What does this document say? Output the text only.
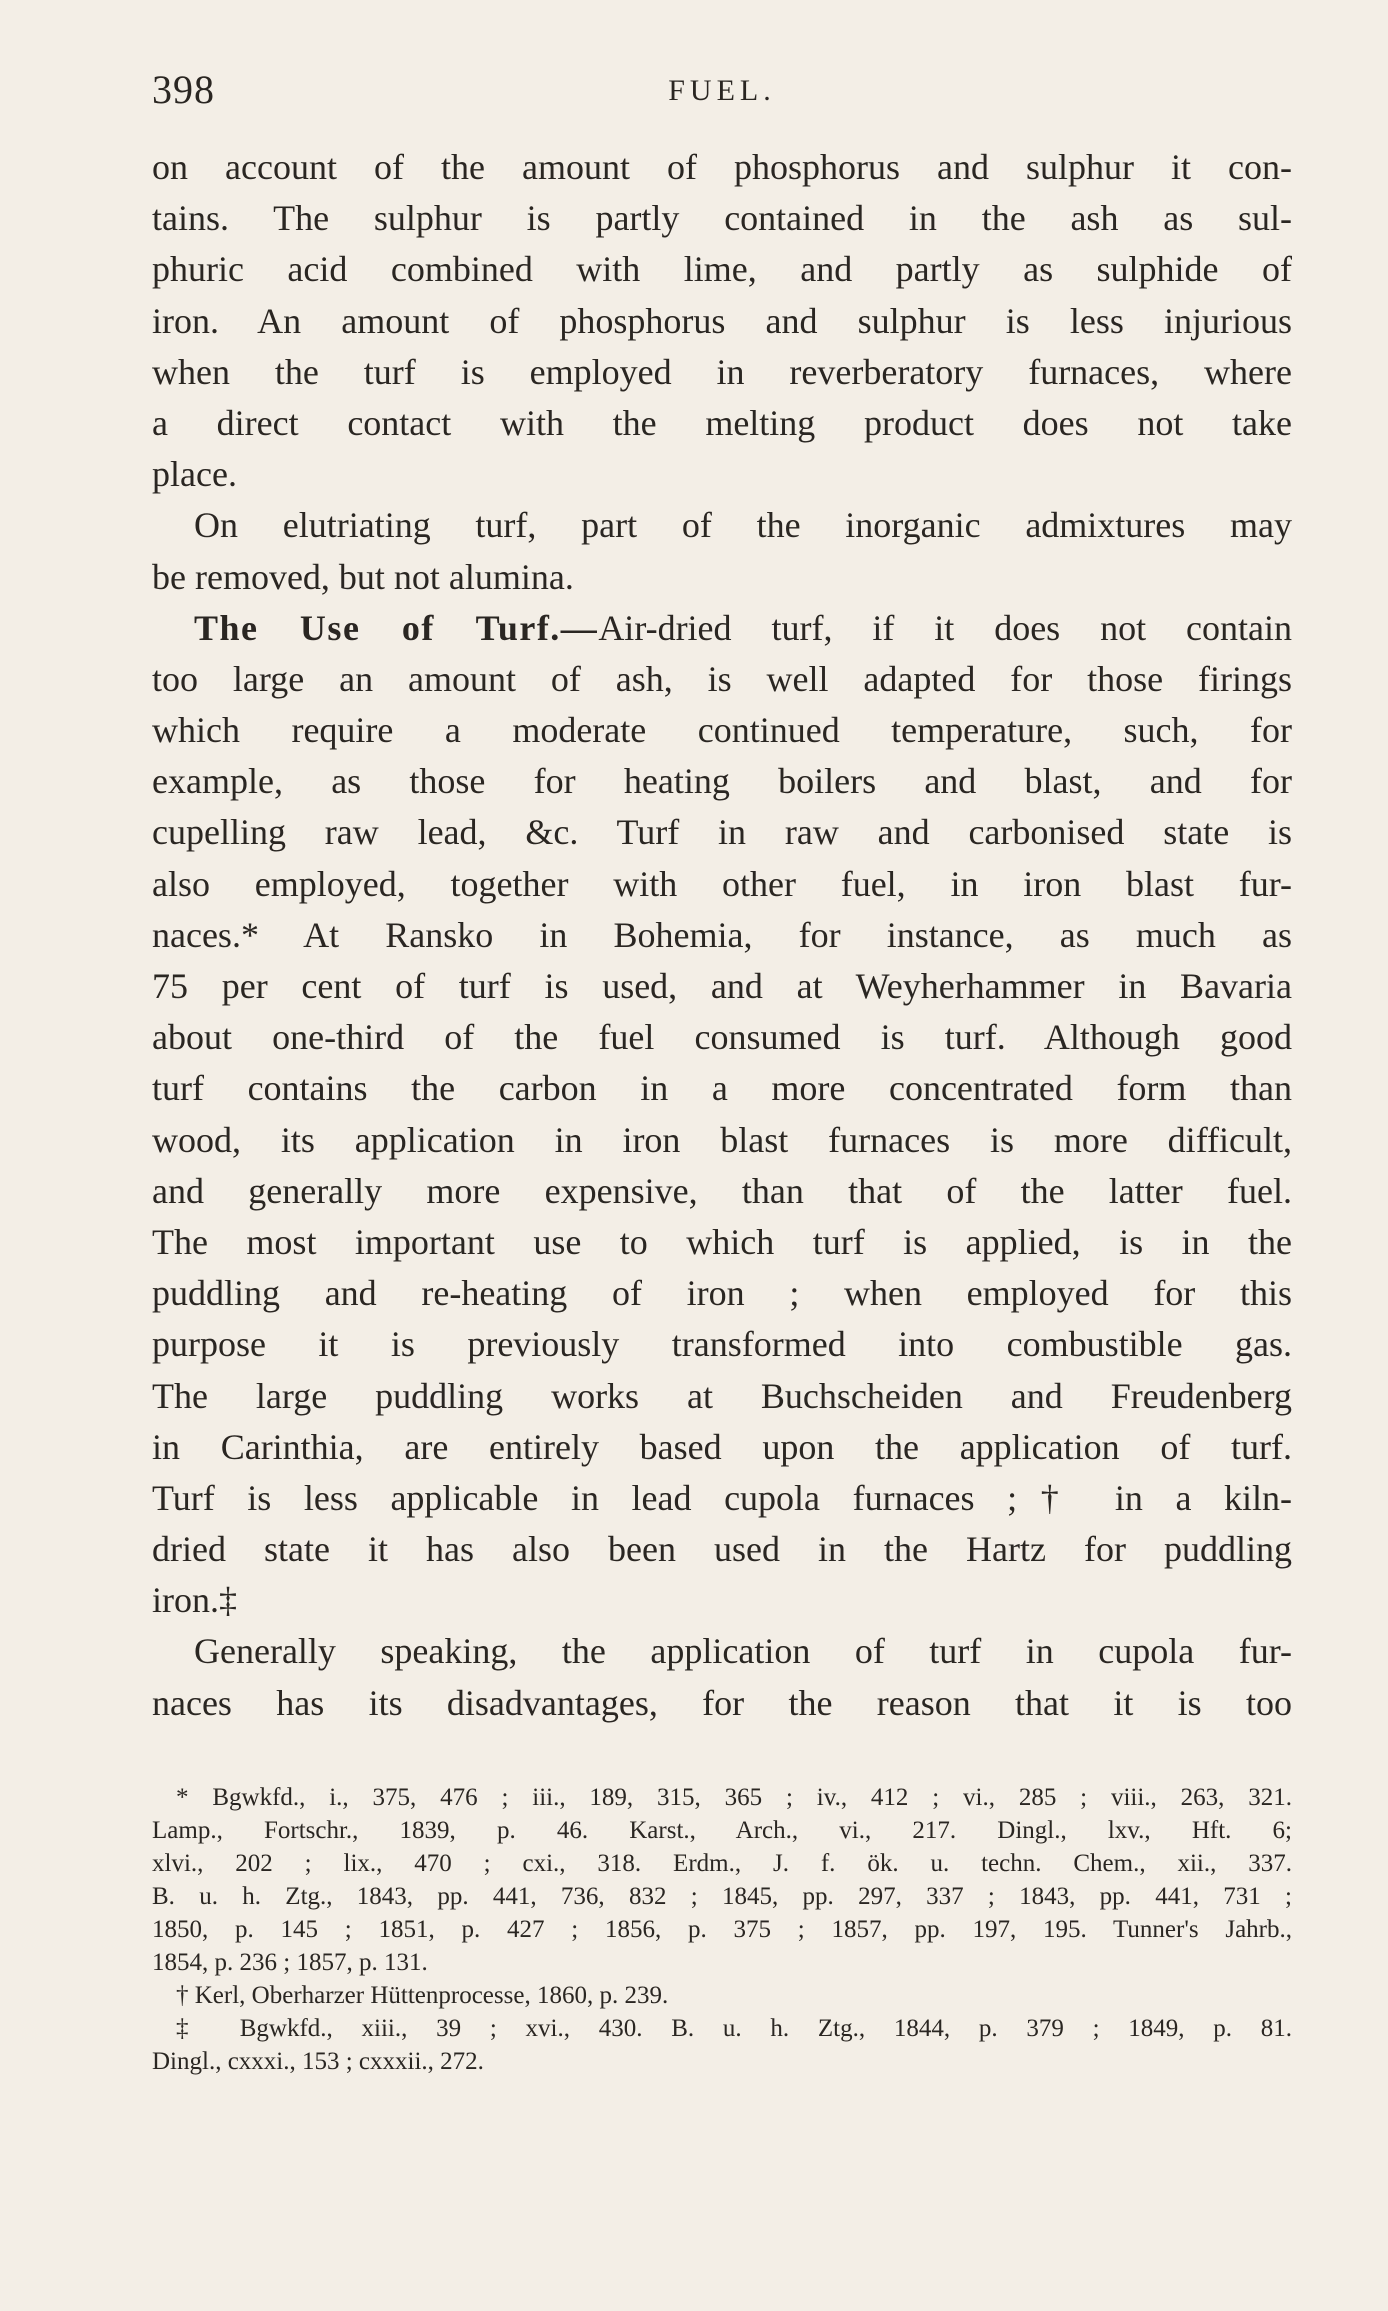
398	FUEL.
on account of the amount of phosphorus and sulphur it con-
tains. The sulphur is partly contained in the ash as sul-
phuric acid combined with lime, and partly as sulphide of
iron. An amount of phosphorus and sulphur is less injurious
when the turf is employed in reverberatory furnaces, where
a direct contact with the melting product does not take
place.
On elutriating turf, part of the inorganic admixtures may
be removed, but not alumina.
The Use of Turf.—Air-dried turf, if it does not contain
too large an amount of ash, is well adapted for those firings
which require a moderate continued temperature, such, for
example, as those for heating boilers and blast, and for
cupelling raw lead, &c. Turf in raw and carbonised state is
also employed, together with other fuel, in iron blast fur-
naces.* At Ransko in Bohemia, for instance, as much as
75 per cent of turf is used, and at Weyherhammer in Bavaria
about one-third of the fuel consumed is turf. Although good
turf contains the carbon in a more concentrated form than
wood, its application in iron blast furnaces is more difficult,
and generally more expensive, than that of the latter fuel.
The most important use to which turf is applied, is in the
puddling and re-heating of iron ; when employed for this
purpose it is previously transformed into combustible gas.
The large puddling works at Buchscheiden and Freudenberg
in Carinthia, are entirely based upon the application of turf.
Turf is less applicable in lead cupola furnaces ;† in a kiln-
dried state it has also been used in the Hartz for puddling
iron.‡
Generally speaking, the application of turf in cupola fur-
naces has its disadvantages, for the reason that it is too
* Bgwkfd., i., 375, 476 ; iii., 189, 315, 365 ; iv., 412 ; vi., 285 ; viii., 263, 321.
Lamp., Fortschr., 1839, p. 46. Karst., Arch., vi., 217. Dingl., lxv., Hft. 6;
xlvi., 202 ; lix., 470 ; cxi., 318. Erdm., J. f. ök. u. techn. Chem., xii., 337.
B. u. h. Ztg., 1843, pp. 441, 736, 832 ; 1845, pp. 297, 337 ; 1843, pp. 441, 731 ;
1850, p. 145 ; 1851, p. 427 ; 1856, p. 375 ; 1857, pp. 197, 195. Tunner's Jahrb.,
1854, p. 236 ; 1857, p. 131.
† Kerl, Oberharzer Hüttenprocesse, 1860, p. 239.
‡ Bgwkfd., xiii., 39 ; xvi., 430. B. u. h. Ztg., 1844, p. 379 ; 1849, p. 81.
Dingl., cxxxi., 153 ; cxxxii., 272.
